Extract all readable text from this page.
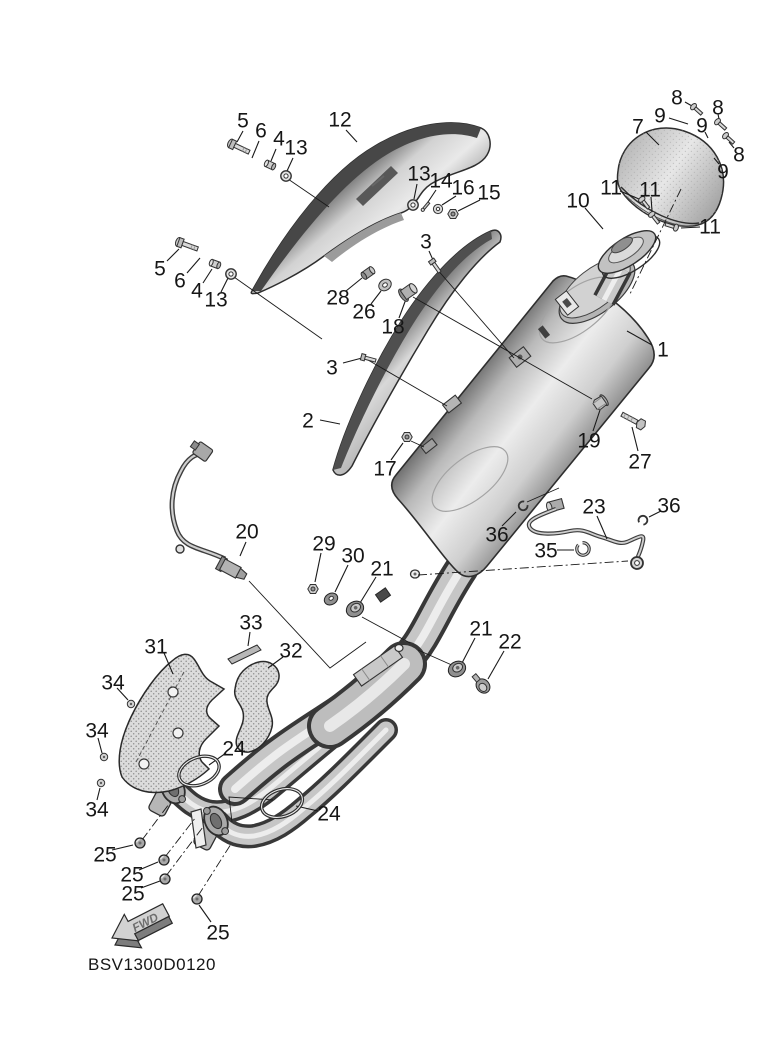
FWD
5 6 4 13
12
5
6 4 13
13
14
16 15
3
3
28
26
18
1
7
8 8
8
9 9
9
10
11 11
11
2
17
19
27
20
29
30
21
21
22
23
35
36
36
31
33
32
34
34
34
24
24
25
25
25
25
BSV1300D0120
